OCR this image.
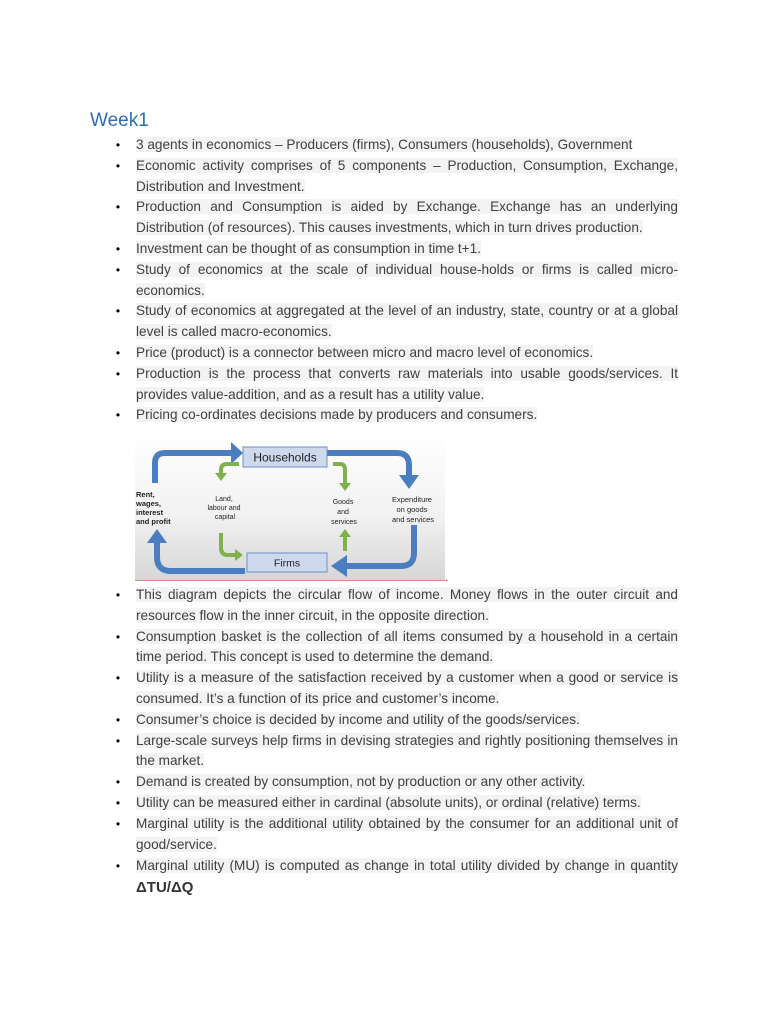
Week1
• 3 agents in economics – Producers (firms), Consumers (households), Government
• Economic activity comprises of 5 components – Production, Consumption, Exchange, Distribution and Investment.
• Production and Consumption is aided by Exchange. Exchange has an underlying Distribution (of resources). This causes investments, which in turn drives production.
• Investment can be thought of as consumption in time t+1.
• Study of economics at the scale of individual house-holds or firms is called micro-economics.
• Study of economics at aggregated at the level of an industry, state, country or at a global level is called macro-economics.
• Price (product) is a connector between micro and macro level of economics.
• Production is the process that converts raw materials into usable goods/services. It provides value-addition, and as a result has a utility value.
• Pricing co-ordinates decisions made by producers and consumers.
Households
Firms
Rent, wages, interest and profit
Land, labour and capital
Goods and services
Expenditure on goods and services
.
• This diagram depicts the circular flow of income. Money flows in the outer circuit and resources flow in the inner circuit, in the opposite direction.
• Consumption basket is the collection of all items consumed by a household in a certain time period. This concept is used to determine the demand.
• Utility is a measure of the satisfaction received by a customer when a good or service is consumed. It’s a function of its price and customer’s income.
• Consumer’s choice is decided by income and utility of the goods/services.
• Large-scale surveys help firms in devising strategies and rightly positioning themselves in the market.
• Demand is created by consumption, not by production or any other activity.
• Utility can be measured either in cardinal (absolute units), or ordinal (relative) terms.
• Marginal utility is the additional utility obtained by the consumer for an additional unit of good/service.
• Marginal utility (MU) is computed as change in total utility divided by change in quantity ΔTU/ΔQ
